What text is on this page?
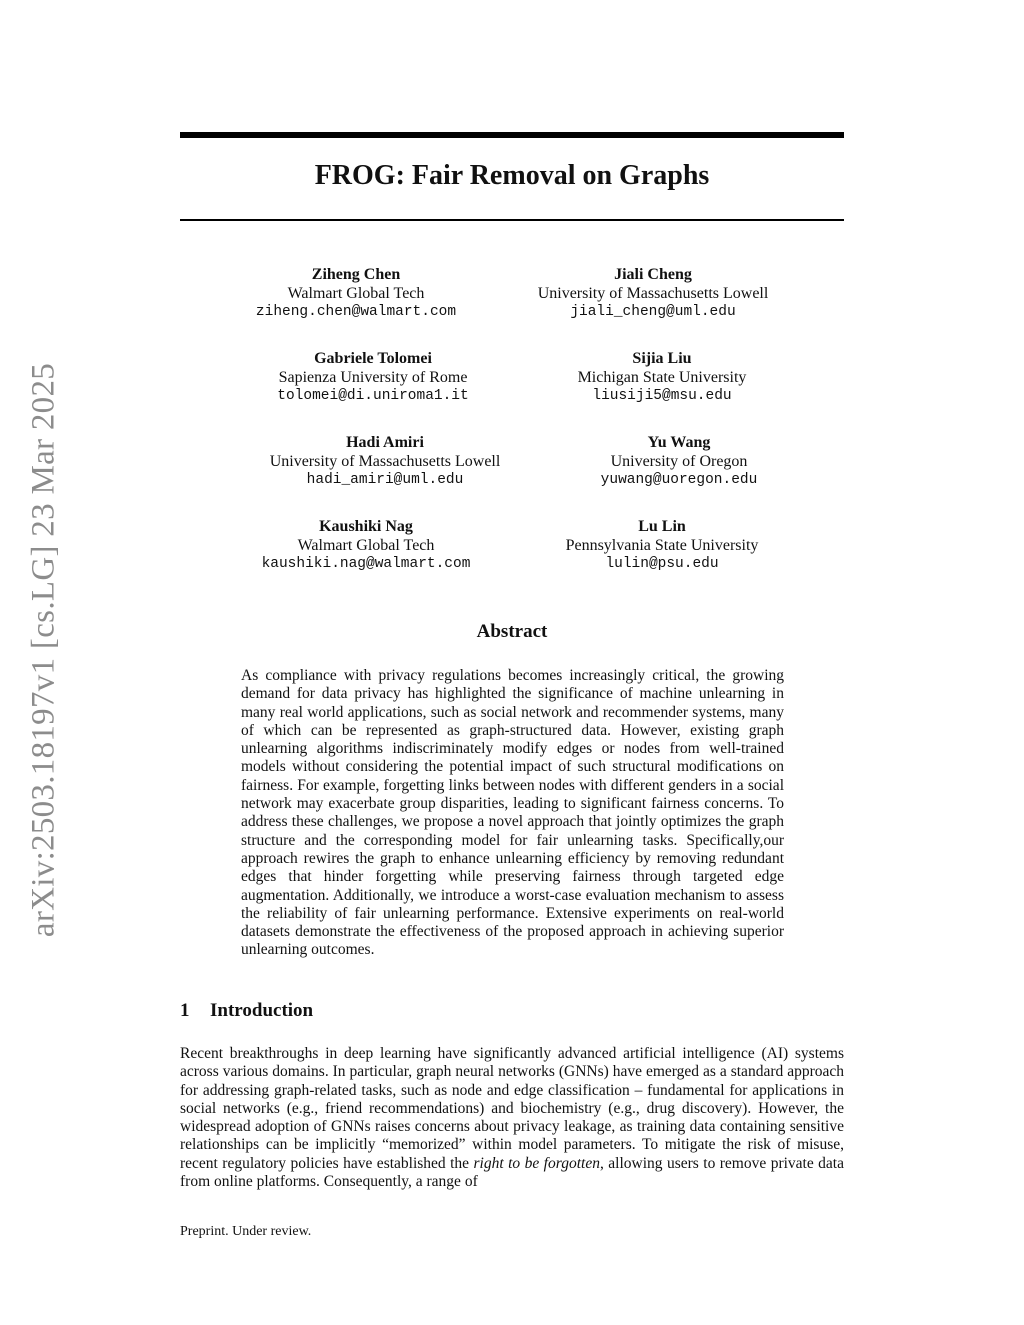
arXiv:2503.18197v1 [cs.LG] 23 Mar 2025
FROG: Fair Removal on Graphs
Ziheng Chen
Walmart Global Tech
ziheng.chen@walmart.com
Jiali Cheng
University of Massachusetts Lowell
jiali_cheng@uml.edu
Gabriele Tolomei
Sapienza University of Rome
tolomei@di.uniroma1.it
Sijia Liu
Michigan State University
liusiji5@msu.edu
Hadi Amiri
University of Massachusetts Lowell
hadi_amiri@uml.edu
Yu Wang
University of Oregon
yuwang@uoregon.edu
Kaushiki Nag
Walmart Global Tech
kaushiki.nag@walmart.com
Lu Lin
Pennsylvania State University
lulin@psu.edu
Abstract

As compliance with privacy regulations becomes increasingly critical, the growing demand for data privacy has highlighted the significance of machine unlearning in many real world applications, such as social network and recommender systems, many of which can be represented as graph-structured data. However, existing graph unlearning algorithms indiscriminately modify edges or nodes from well-trained models without considering the potential impact of such structural modifications on fairness. For example, forgetting links between nodes with different genders in a social network may exacerbate group disparities, leading to significant fairness concerns. To address these challenges, we propose a novel approach that jointly optimizes the graph structure and the corresponding model for fair unlearning tasks. Specifically,our approach rewires the graph to enhance unlearning efficiency by removing redundant edges that hinder forgetting while preserving fairness through targeted edge augmentation. Additionally, we introduce a worst-case evaluation mechanism to assess the reliability of fair unlearning performance. Extensive experiments on real-world datasets demonstrate the effectiveness of the proposed approach in achieving superior unlearning outcomes.

1 Introduction

Recent breakthroughs in deep learning have significantly advanced artificial intelligence (AI) systems across various domains. In particular, graph neural networks (GNNs) have emerged as a standard approach for addressing graph-related tasks, such as node and edge classification – fundamental for applications in social networks (e.g., friend recommendations) and biochemistry (e.g., drug discovery). However, the widespread adoption of GNNs raises concerns about privacy leakage, as training data containing sensitive relationships can be implicitly “memorized” within model parameters. To mitigate the risk of misuse, recent regulatory policies have established the right to be forgotten, allowing users to remove private data from online platforms. Consequently, a range of

Preprint. Under review.
